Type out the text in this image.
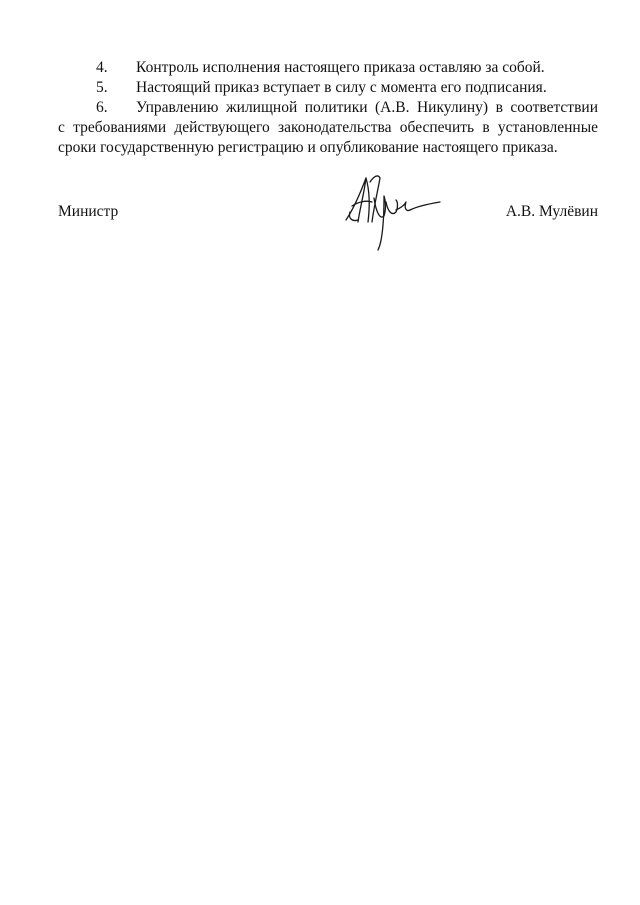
4. Контроль исполнения настоящего приказа оставляю за собой.
5. Настоящий приказ вступает в силу с момента его подписания.
6. Управлению жилищной политики (А.В. Никулину) в соответствии
с требованиями действующего законодательства обеспечить в установленные
сроки государственную регистрацию и опубликование настоящего приказа.
Министр	А.В. Мулёвин
